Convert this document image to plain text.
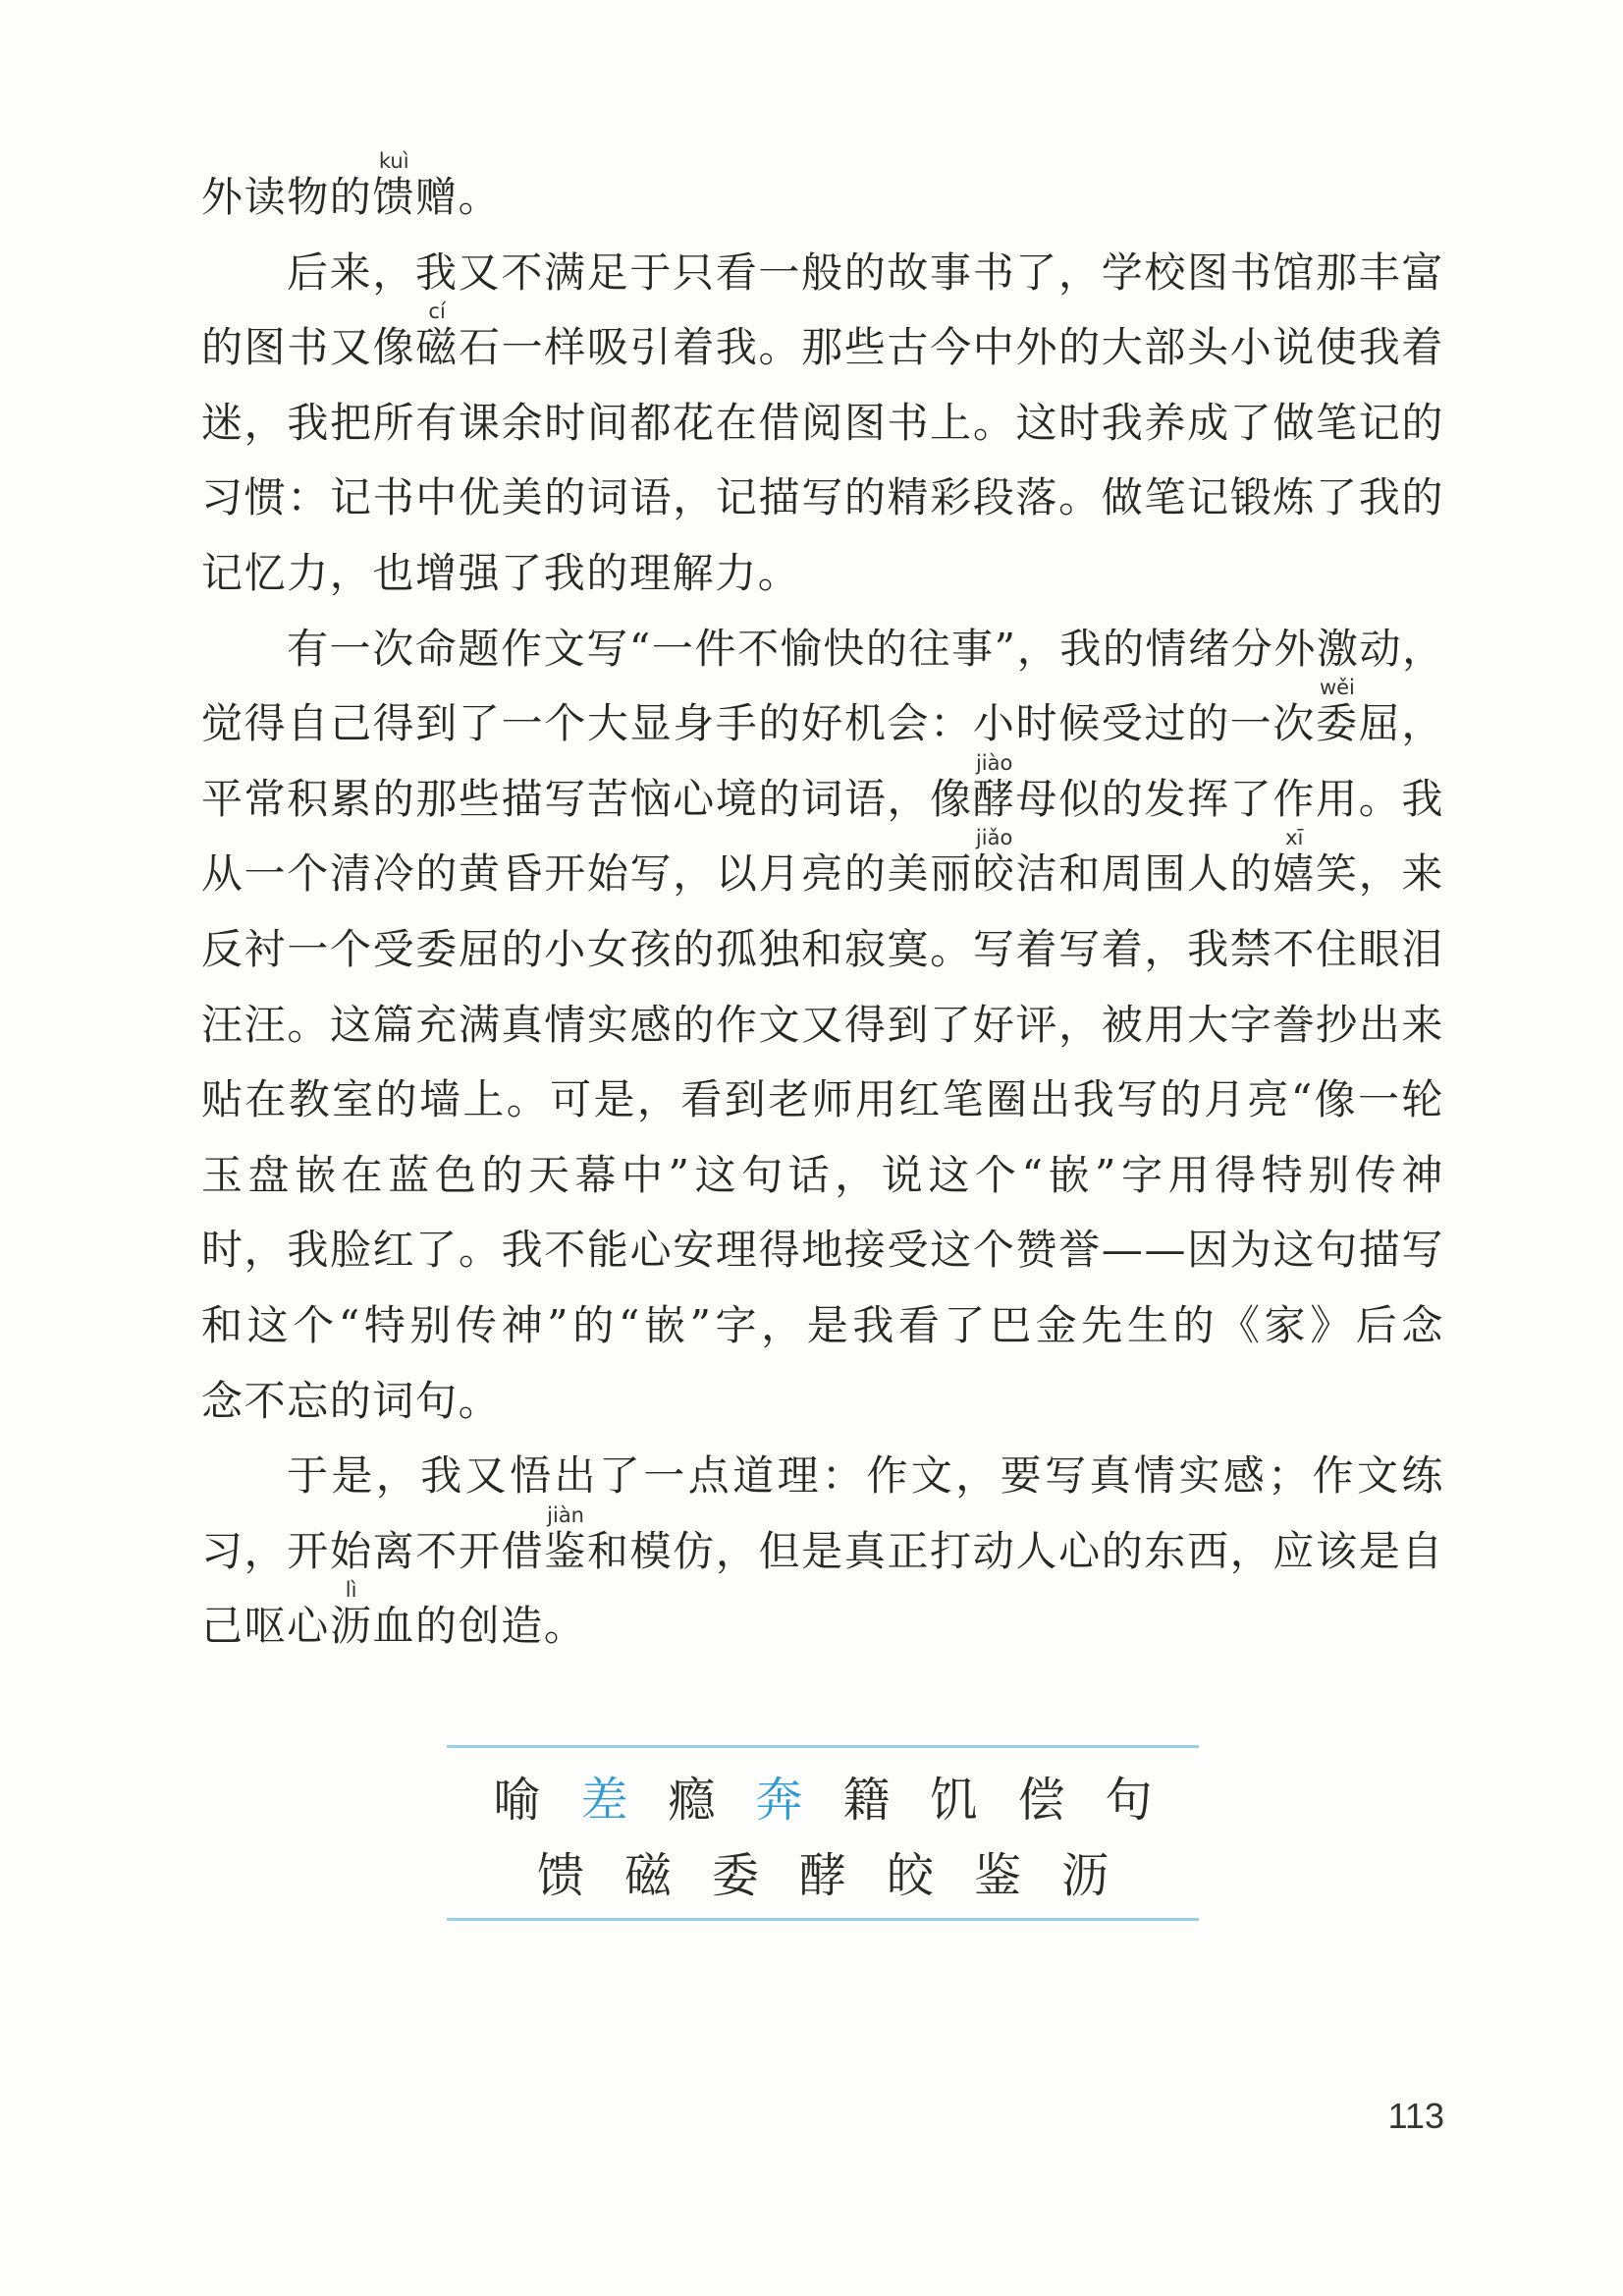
外读物的馈
kuì
赠。
后来，我又不满足于只看一般的故事书了，学校图书馆那丰富
的图书又像磁
cí
石一样吸引着我。那些古今中外的大部头小说使我着
迷，我把所有课余时间都花在借阅图书上。这时我养成了做笔记的
习惯：记书中优美的词语，记描写的精彩段落。做笔记锻炼了我的
记忆力，也增强了我的理解力。
有一次命题作文写“一件不愉快的往事”，我的情绪分外激动，
觉得自己得到了一个大显身手的好机会：小时候受过的一次委
wěi
屈，
平常积累的那些描写苦恼心境的词语，像酵
jiào
母似的发挥了作用。我
从一个清冷的黄昏开始写，以月亮的美丽皎
jiǎo
洁和周围人的嬉
xī
笑，来
反衬一个受委屈的小女孩的孤独和寂寞。写着写着，我禁不住眼泪
汪汪。这篇充满真情实感的作文又得到了好评，被用大字誊抄出来
贴在教室的墙上。可是，看到老师用红笔圈出我写的月亮“像一轮
玉盘嵌在蓝色的天幕中”这句话，说这个“嵌”字用得特别传神
时，我脸红了。我不能心安理得地接受这个赞誉——因为这句描写
和这个“特别传神”的“嵌”字，是我看了巴金先生的《家》后念
念不忘的词句。
于是，我又悟出了一点道理：作文，要写真情实感；作文练
习，开始离不开借鉴
jiàn
和模仿，但是真正打动人心的东西，应该是自
己呕心沥
lì
血的创造。
喻 差 瘾 奔 籍 饥 偿 句
馈 磁 委 酵 皎 鉴 沥
113
